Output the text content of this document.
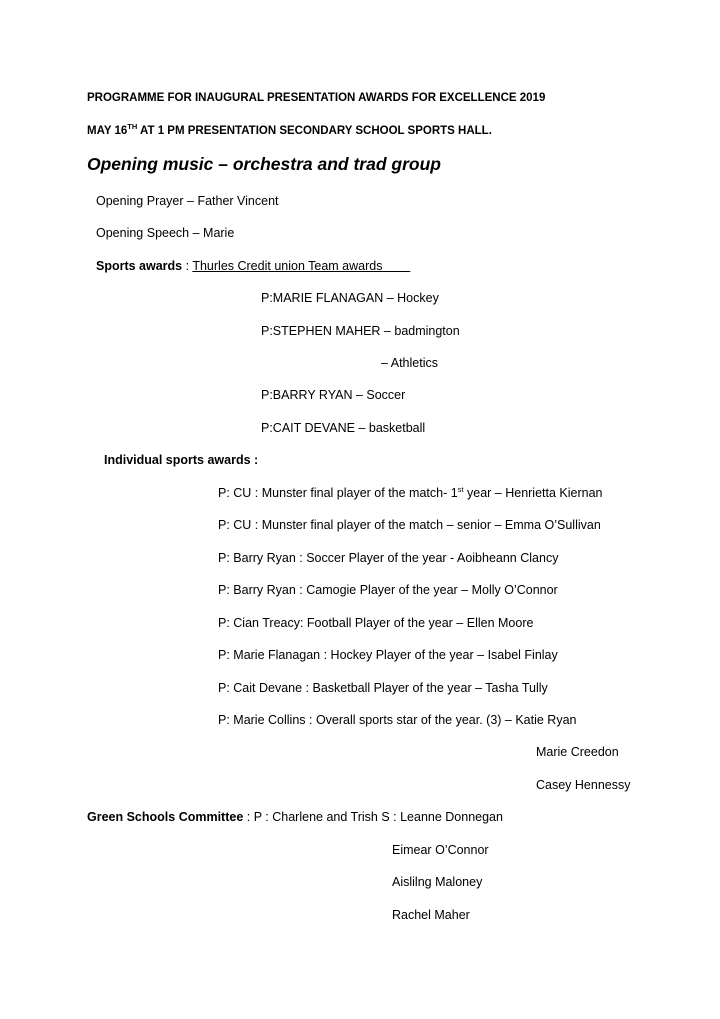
PROGRAMME FOR INAUGURAL PRESENTATION AWARDS FOR EXCELLENCE 2019
MAY 16TH AT 1 PM PRESENTATION SECONDARY SCHOOL SPORTS HALL.
Opening music – orchestra and trad group
Opening Prayer – Father Vincent
Opening Speech – Marie
Sports awards : Thurles Credit union Team awards
P:MARIE FLANAGAN – Hockey
P:STEPHEN MAHER – badmington
– Athletics
P:BARRY RYAN – Soccer
P:CAIT DEVANE – basketball
Individual sports awards :
P: CU : Munster final player of the match- 1st year – Henrietta Kiernan
P: CU : Munster final player of the match – senior – Emma O’Sullivan
P: Barry Ryan : Soccer Player of the year - Aoibheann Clancy
P: Barry Ryan : Camogie Player of the year – Molly O’Connor
P: Cian Treacy: Football Player of the year – Ellen Moore
P: Marie Flanagan : Hockey Player of the year – Isabel Finlay
P: Cait Devane : Basketball Player of the year – Tasha Tully
P: Marie Collins : Overall sports star of the year. (3) – Katie Ryan
Marie Creedon
Casey Hennessy
Green Schools Committee : P : Charlene and Trish S : Leanne Donnegan
Eimear O’Connor
Aislilng Maloney
Rachel Maher
